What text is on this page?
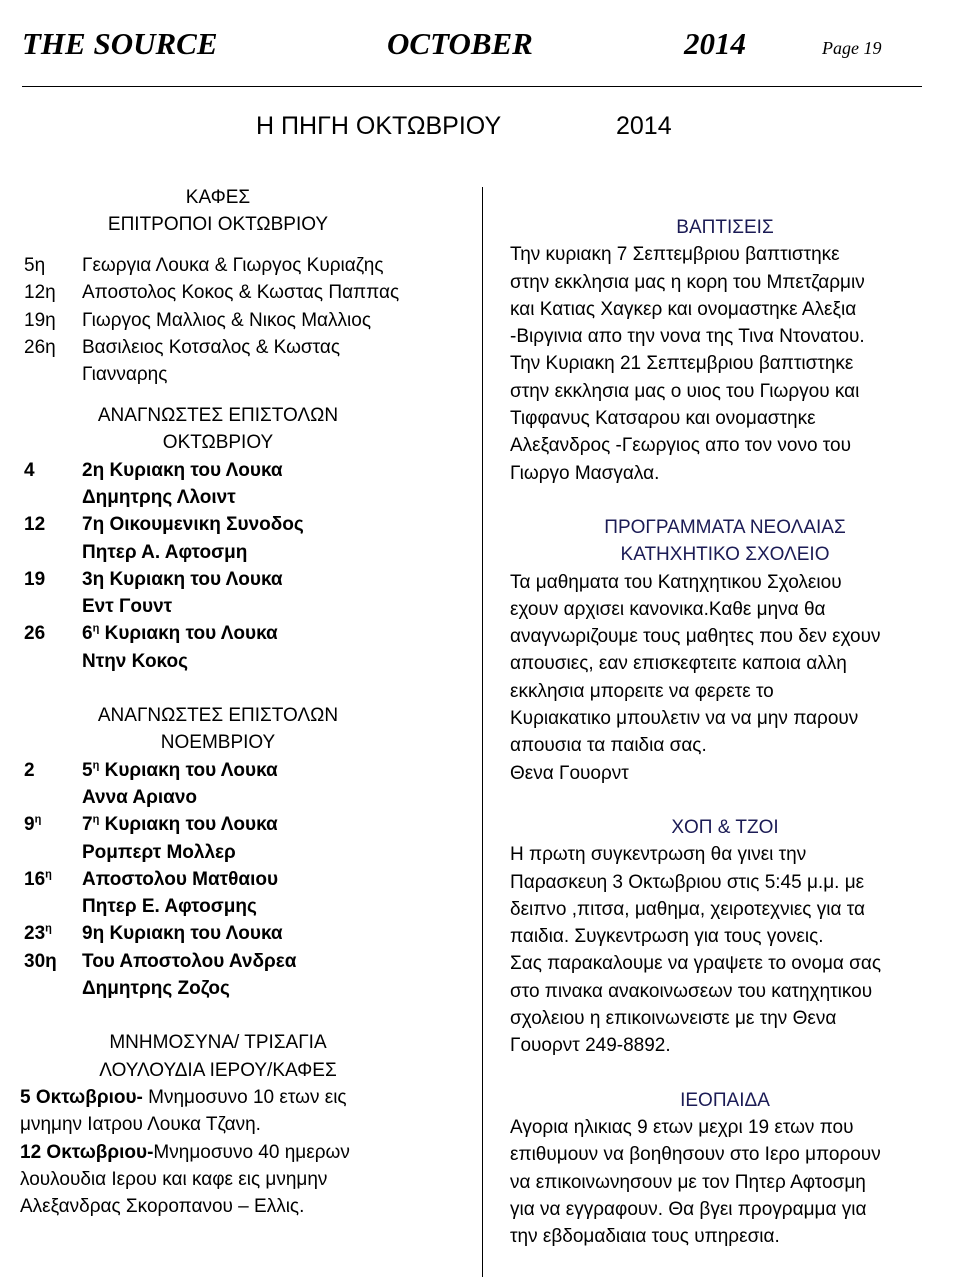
THE SOURCE	OCTOBER	2014	Page 19
Η ΠΗΓΗ ΟΚΤΩΒΡΙΟΥ	2014
ΚΑΦΕΣ
ΕΠΙΤΡΟΠΟΙ ΟΚΤΩΒΡΙΟΥ
5η Γεωργια Λουκα & Γιωργος Κυριαζης
12η Αποστολος Κοκος & Κωστας Παππας
19η Γιωργος Μαλλιος & Νικος Μαλλιος
26η Βασιλειος Κοτσαλος & Κωστας
Γιανναρης
ΑΝΑΓΝΩΣΤΕΣ ΕΠΙΣΤΟΛΩΝ
ΟΚΤΩΒΡΙΟΥ
4 2η Κυριακη του Λουκα
Δημητρης Λλοιντ
12 7η Οικουμενικη Συνοδος
Πητερ Α. Αφτοσμη
19 3η Κυριακη του Λουκα
Εντ Γουντ
26 $6^\eta$ Κυριακη του Λουκα
Ντην Κοκος
ΑΝΑΓΝΩΣΤΕΣ ΕΠΙΣΤΟΛΩΝ
ΝΟΕΜΒΡΙΟΥ
2 $5^\eta$ Κυριακη του Λουκα
Αννα Αριανο
$9^\eta$ $7^\eta$ Κυριακη του Λουκα
Ρομπερτ Μολλερ
$16^\eta$ Αποστολου Ματθαιου
Πητερ Ε. Αφτοσμης
$23^\eta$ 9η Κυριακη του Λουκα
30η Του Αποστολου Ανδρεα
Δημητρης Ζοζος
ΜΝΗΜΟΣΥΝΑ/ ΤΡΙΣΑΓΙΑ
ΛΟΥΛΟΥΔΙΑ ΙΕΡΟΥ/ΚΑΦΕΣ
5 Οκτωβριου- Μνημοσυνο 10 ετων εις
μνημην Ιατρου Λουκα Τζανη.
12 Οκτωβριου-Μνημοσυνο 40 ημερων
λουλουδια Ιερου και καφε εις μνημην
Αλεξανδρας Σκοροπανου – Ελλις.
ΒΑΠΤΙΣΕΙΣ
Την κυριακη 7 Σεπτεμβριου βαπτιστηκε
στην εκκλησια μας η κορη του Μπετζαρμιν
και Κατιας Χαγκερ και ονομαστηκε Αλεξια
-Βιργινια απο την νονα της Τινα Ντονατου.
Την Κυριακη 21 Σεπτεμβριου βαπτιστηκε
στην εκκλησια μας ο υιος του Γιωργου και
Τιφφανυς Κατσαρου και ονομαστηκε
Αλεξανδρος -Γεωργιος απο τον νονο του
Γιωργο Μασγαλα.
ΠΡΟΓΡΑΜΜΑΤΑ ΝΕΟΛΑΙΑΣ
ΚΑΤΗΧΗΤΙΚΟ ΣΧΟΛΕΙΟ
Τα μαθηματα του Κατηχητικου Σχολειου
εχουν αρχισει κανονικα.Καθε μηνα θα
αναγνωριζουμε τους μαθητες που δεν εχουν
απουσιες, εαν επισκεφτειτε καποια αλλη
εκκλησια μπορειτε να φερετε το
Κυριακατικο μπουλετιν να να μην παρουν
απουσια τα παιδια σας.
Θενα Γουορντ
ΧΟΠ & ΤΖΟΙ
Η πρωτη συγκεντρωση θα γινει την
Παρασκευη 3 Οκτωβριου στις 5:45 μ.μ. με
δειπνο ,πιτσα, μαθημα, χειροτεχνιες για τα
παιδια. Συγκεντρωση για τους γονεις.
Σας παρακαλουμε να γραψετε το ονομα σας
στο πινακα ανακοινωσεων του κατηχητικου
σχολειου η επικοινωνειστε με την Θενα
Γουορντ 249-8892.
ΙΕΟΠΑΙΔΑ
Αγορια ηλικιας 9 ετων μεχρι 19 ετων που
επιθυμουν να βοηθησουν στο Ιερο μπορουν
να επικοινωνησουν με τον Πητερ Αφτοσμη
για να εγγραφουν. Θα βγει προγραμμα για
την εβδομαδιαια τους υπηρεσια.
